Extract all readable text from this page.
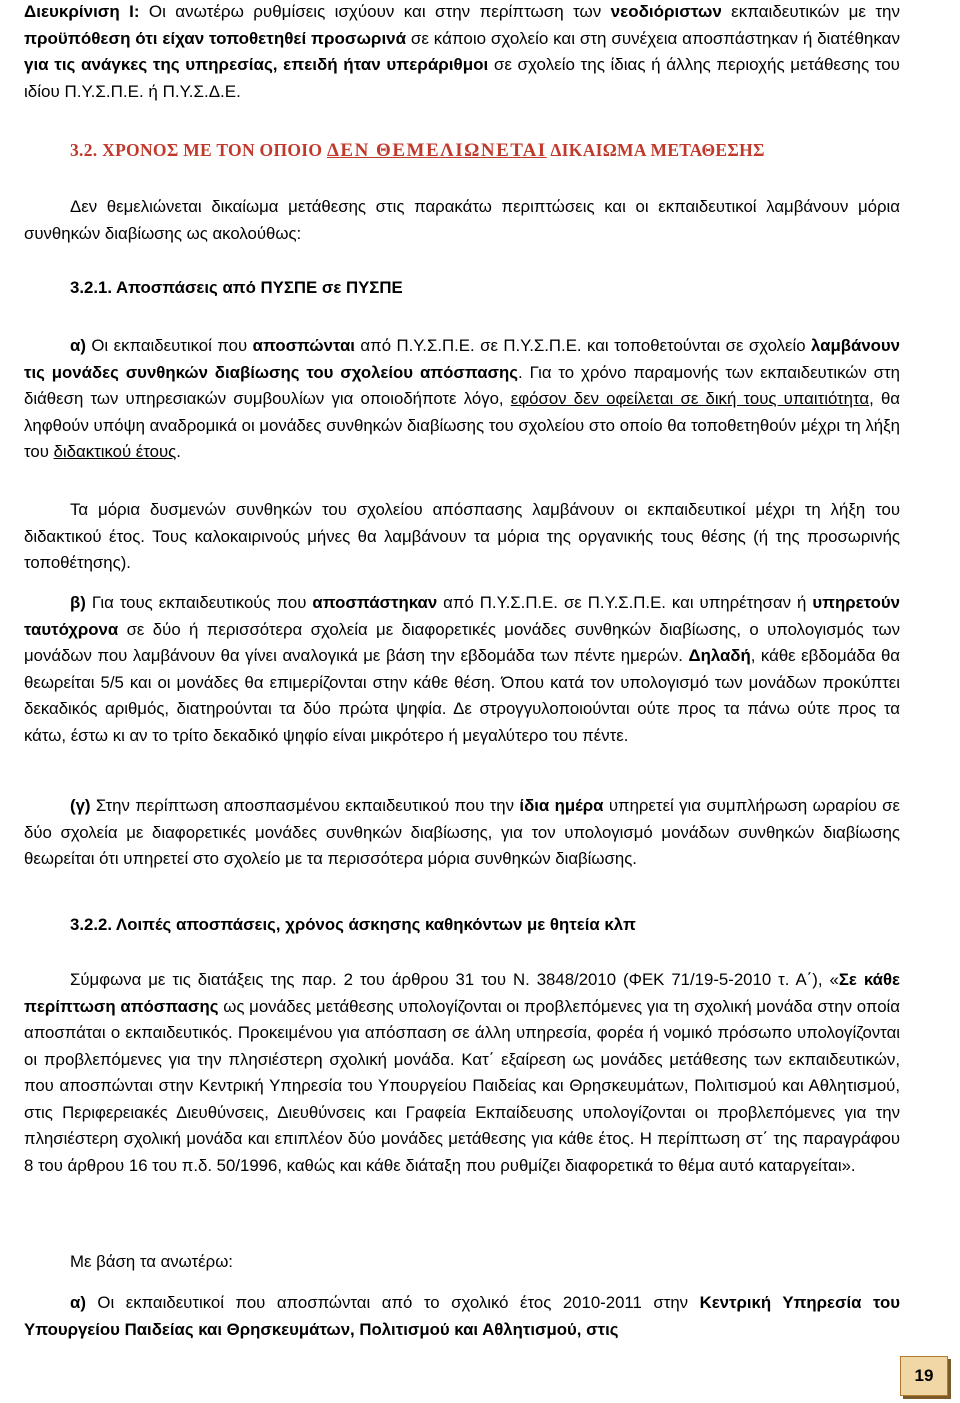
Διευκρίνιση Ι: Οι ανωτέρω ρυθμίσεις ισχύουν και στην περίπτωση των νεοδιόριστων εκπαιδευτικών με την προϋπόθεση ότι είχαν τοποθετηθεί προσωρινά σε κάποιο σχολείο και στη συνέχεια αποσπάστηκαν ή διατέθηκαν για τις ανάγκες της υπηρεσίας, επειδή ήταν υπεράριθμοι σε σχολείο της ίδιας ή άλλης περιοχής μετάθεσης του ιδίου Π.Υ.Σ.Π.Ε. ή Π.Υ.Σ.Δ.Ε.

3.2. ΧΡΟΝΟΣ ΜΕ ΤΟΝ ΟΠΟΙΟ ΔΕΝ ΘΕΜΕΛΙΩΝΕΤΑΙ ΔΙΚΑΙΩΜΑ ΜΕΤΑΘΕΣΗΣ

Δεν θεμελιώνεται δικαίωμα μετάθεσης στις παρακάτω περιπτώσεις και οι εκπαιδευτικοί λαμβάνουν μόρια συνθηκών διαβίωσης ως ακολούθως:

3.2.1. Αποσπάσεις από ΠΥΣΠΕ σε ΠΥΣΠΕ

α) Οι εκπαιδευτικοί που αποσπώνται από Π.Υ.Σ.Π.Ε. σε Π.Υ.Σ.Π.Ε. και τοποθετούνται σε σχολείο λαμβάνουν τις μονάδες συνθηκών διαβίωσης του σχολείου απόσπασης. Για το χρόνο παραμονής των εκπαιδευτικών στη διάθεση των υπηρεσιακών συμβουλίων για οποιοδήποτε λόγο, εφόσον δεν οφείλεται σε δική τους υπαιτιότητα, θα ληφθούν υπόψη αναδρομικά οι μονάδες συνθηκών διαβίωσης του σχολείου στο οποίο θα τοποθετηθούν μέχρι τη λήξη του διδακτικού έτους.

Τα μόρια δυσμενών συνθηκών του σχολείου απόσπασης λαμβάνουν οι εκπαιδευτικοί μέχρι τη λήξη του διδακτικού έτος. Τους καλοκαιρινούς μήνες θα λαμβάνουν τα μόρια της οργανικής τους θέσης (ή της προσωρινής τοποθέτησης).

β) Για τους εκπαιδευτικούς που αποσπάστηκαν από Π.Υ.Σ.Π.Ε. σε Π.Υ.Σ.Π.Ε. και υπηρέτησαν ή υπηρετούν ταυτόχρονα σε δύο ή περισσότερα σχολεία με διαφορετικές μονάδες συνθηκών διαβίωσης, ο υπολογισμός των μονάδων που λαμβάνουν θα γίνει αναλογικά με βάση την εβδομάδα των πέντε ημερών. Δηλαδή, κάθε εβδομάδα θα θεωρείται 5/5 και οι μονάδες θα επιμερίζονται στην κάθε θέση. Όπου κατά τον υπολογισμό των μονάδων προκύπτει δεκαδικός αριθμός, διατηρούνται τα δύο πρώτα ψηφία. Δε στρογγυλοποιούνται ούτε προς τα πάνω ούτε προς τα κάτω, έστω κι αν το τρίτο δεκαδικό ψηφίο είναι μικρότερο ή μεγαλύτερο του πέντε.

(γ) Στην περίπτωση αποσπασμένου εκπαιδευτικού που την ίδια ημέρα υπηρετεί για συμπλήρωση ωραρίου σε δύο σχολεία με διαφορετικές μονάδες συνθηκών διαβίωσης, για τον υπολογισμό μονάδων συνθηκών διαβίωσης θεωρείται ότι υπηρετεί στο σχολείο με τα περισσότερα μόρια συνθηκών διαβίωσης.

3.2.2. Λοιπές αποσπάσεις, χρόνος άσκησης καθηκόντων με θητεία κλπ

Σύμφωνα με τις διατάξεις της παρ. 2 του άρθρου 31 του Ν. 3848/2010 (ΦΕΚ 71/19-5-2010 τ. Α΄), «Σε κάθε περίπτωση απόσπασης ως μονάδες μετάθεσης υπολογίζονται οι προβλεπόμενες για τη σχολική μονάδα στην οποία αποσπάται ο εκπαιδευτικός. Προκειμένου για απόσπαση σε άλλη υπηρεσία, φορέα ή νομικό πρόσωπο υπολογίζονται οι προβλεπόμενες για την πλησιέστερη σχολική μονάδα. Κατ΄ εξαίρεση ως μονάδες μετάθεσης των εκπαιδευτικών, που αποσπώνται στην Κεντρική Υπηρεσία του Υπουργείου Παιδείας και Θρησκευμάτων, Πολιτισμού και Αθλητισμού, στις Περιφερειακές Διευθύνσεις, Διευθύνσεις και Γραφεία Εκπαίδευσης υπολογίζονται οι προβλεπόμενες για την πλησιέστερη σχολική μονάδα και επιπλέον δύο μονάδες μετάθεσης για κάθε έτος. Η περίπτωση στ΄ της παραγράφου 8 του άρθρου 16 του π.δ. 50/1996, καθώς και κάθε διάταξη που ρυθμίζει διαφορετικά το θέμα αυτό καταργείται».

Με βάση τα ανωτέρω:

α) Οι εκπαιδευτικοί που αποσπώνται από το σχολικό έτος 2010-2011 στην Κεντρική Υπηρεσία του Υπουργείου Παιδείας και Θρησκευμάτων, Πολιτισμού και Αθλητισμού, στις

19
